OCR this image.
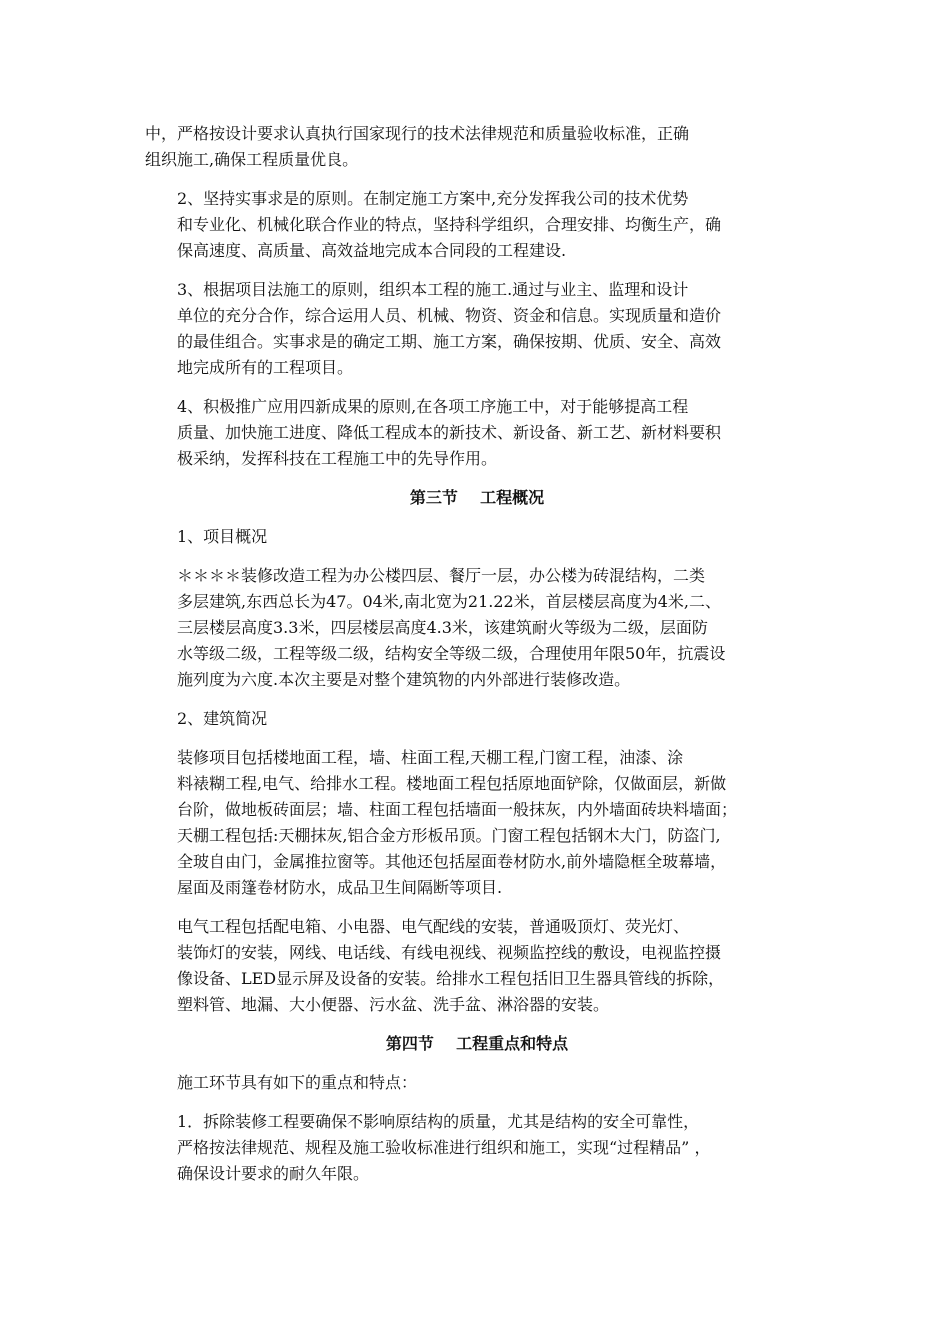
中，严格按设计要求认真执行国家现行的技术法律规范和质量验收标准，正确
组织施工,确保工程质量优良。
2、坚持实事求是的原则。在制定施工方案中,充分发挥我公司的技术优势
和专业化、机械化联合作业的特点，坚持科学组织，合理安排、均衡生产，确
保高速度、高质量、高效益地完成本合同段的工程建设.
3、根据项目法施工的原则，组织本工程的施工.通过与业主、监理和设计
单位的充分合作，综合运用人员、机械、物资、资金和信息。实现质量和造价
的最佳组合。实事求是的确定工期、施工方案，确保按期、优质、安全、高效
地完成所有的工程项目。
4、积极推广应用四新成果的原则,在各项工序施工中，对于能够提高工程
质量、加快施工进度、降低工程成本的新技术、新设备、新工艺、新材料要积
极采纳，发挥科技在工程施工中的先导作用。
第三节    工程概况
1、项目概况
＊＊＊＊装修改造工程为办公楼四层、餐厅一层，办公楼为砖混结构，二类
多层建筑,东西总长为47。04米,南北宽为21.22米，首层楼层高度为4米,二、
三层楼层高度3.3米，四层楼层高度4.3米，该建筑耐火等级为二级，层面防
水等级二级，工程等级二级，结构安全等级二级，合理使用年限50年，抗震设
施列度为六度.本次主要是对整个建筑物的内外部进行装修改造。
2、建筑简况
装修项目包括楼地面工程，墙、柱面工程,天棚工程,门窗工程，油漆、涂
料裱糊工程,电气、给排水工程。楼地面工程包括原地面铲除，仅做面层，新做
台阶，做地板砖面层；墙、柱面工程包括墙面一般抹灰，内外墙面砖块料墙面；
天棚工程包括:天棚抹灰,铝合金方形板吊顶。门窗工程包括钢木大门，防盗门,
全玻自由门，金属推拉窗等。其他还包括屋面卷材防水,前外墙隐框全玻幕墙，
屋面及雨篷卷材防水，成品卫生间隔断等项目.
电气工程包括配电箱、小电器、电气配线的安装，普通吸顶灯、荧光灯、
装饰灯的安装，网线、电话线、有线电视线、视频监控线的敷设，电视监控摄
像设备、LED显示屏及设备的安装。给排水工程包括旧卫生器具管线的拆除，
塑料管、地漏、大小便器、污水盆、洗手盆、淋浴器的安装。
第四节    工程重点和特点
施工环节具有如下的重点和特点：
1．拆除装修工程要确保不影响原结构的质量，尤其是结构的安全可靠性，
严格按法律规范、规程及施工验收标准进行组织和施工，实现“过程精品” ，
确保设计要求的耐久年限。
